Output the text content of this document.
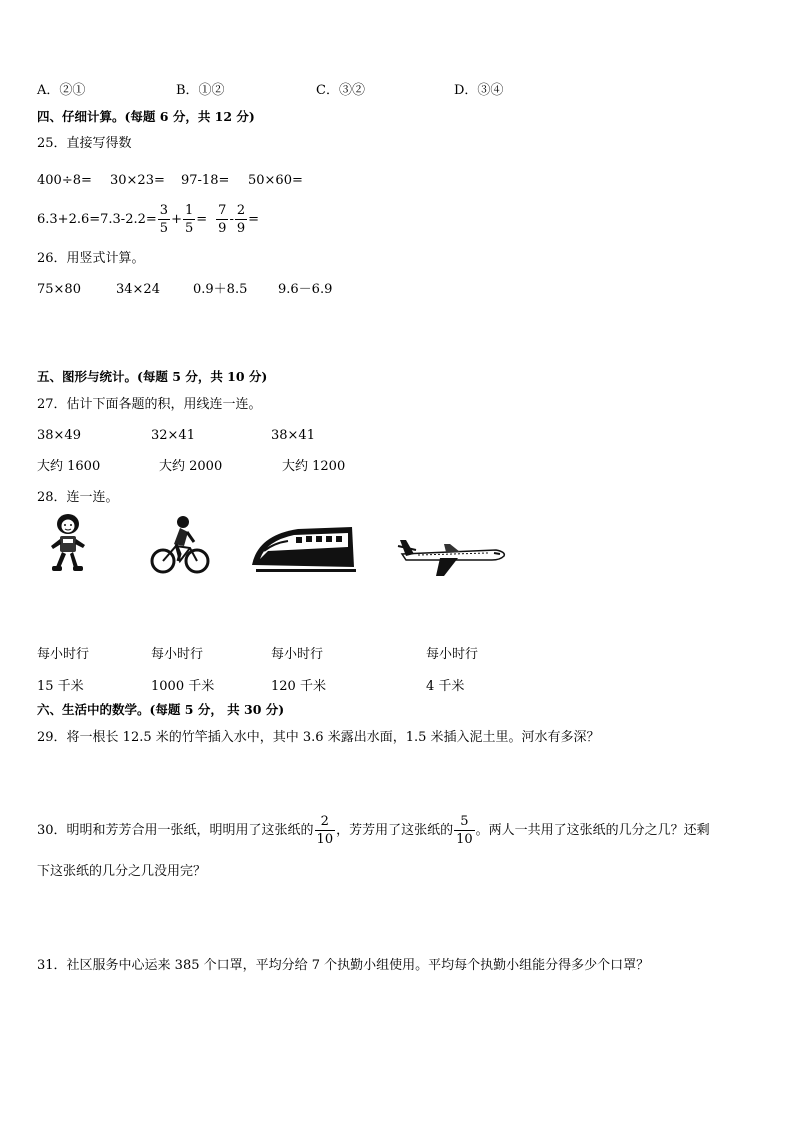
A．②①	B．①②	C．③②	D．③④
四、仔细计算。(每题 6 分，共 12 分)
25．直接写得数
400÷8= 30×23= 97-18= 50×60=
$6.3+2.6=7.3-2.2= \frac{3}{5} + \frac{1}{5} = \frac{7}{9} - \frac{2}{9}$ =
26．用竖式计算。
75×80	34×24	0.9＋8.5 9.6－6.9
五、图形与统计。(每题 5 分，共 10 分)
27．估计下面各题的积，用线连一连。
38×49	32×41	38×41
大约 1600	大约 2000	大约 1200
28．连一连。
每小时行	每小时行	每小时行	每小时行
15 千米	1000 千米	120 千米	4 千米
六、生活中的数学。(每题 5 分， 共 30 分)
29．将一根长 12.5 米的竹竿插入水中，其中 3.6 米露出水面，1.5 米插入泥土里。河水有多深？
30．明明和芳芳合用一张纸，明明用了这张纸的 $\frac{2}{10}$ ，芳芳用了这张纸的 $\frac{5}{10}$ 。两人一共用了这张纸的几分之几？还剩
下这张纸的几分之几没用完？
31．社区服务中心运来 385 个口罩，平均分给 7 个执勤小组使用。平均每个执勤小组能分得多少个口罩？
